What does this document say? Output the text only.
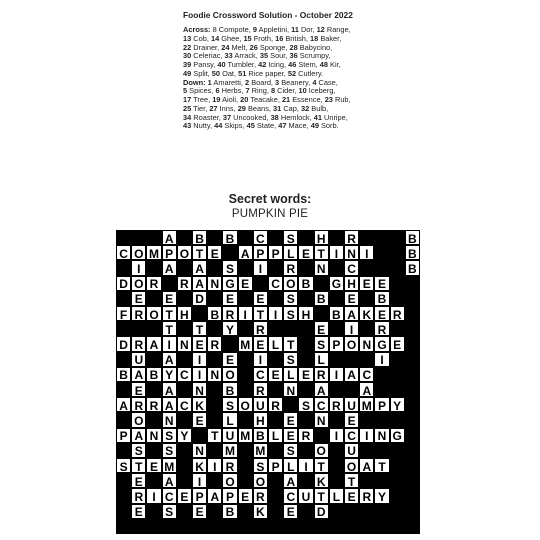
Foodie Crossword Solution - October 2022
Across: 8 Compote, 9 Appletini, 11 Dor, 12 Range,
13 Cob, 14 Ghee, 15 Froth, 16 British, 18 Baker,
22 Drainer, 24 Melt, 26 Sponge, 28 Babycino,
30 Celeriac, 33 Arrack, 35 Sour, 36 Scrumpy,
39 Pansy, 40 Tumbler, 42 Icing, 46 Stem, 48 Kir,
49 Split, 50 Oat, 51 Rice paper, 52 Cutlery.
Down: 1 Amaretti, 2 Board, 3 Beanery, 4 Case,
5 Spices, 6 Herbs, 7 Ring, 8 Cider, 10 Iceberg,
17 Tree, 19 Aioli, 20 Teacake, 21 Essence, 23 Rub,
25 Tier, 27 Inns, 29 Beans, 31 Cap, 32 Bulb,
34 Roaster, 37 Uncooked, 38 Hemlock, 41 Unripe,
43 Nutty, 44 Skips, 45 State, 47 Mace, 49 Sorb.
Secret words:
PUMPKIN PIE
A B B C S H R	B
C O M P O T E A P P L E T I N I	B
I	A A S	I	R N C	B
D O R R A N G E C O B G H E E
E E D E E S B E B
F R O T H B R I T I S H B A K E R
T T Y R	E	I	R
D R A I N E R M E L T S P O N G E
U A	I	E	I	S L	I
B A B Y C I N O C E L E R I A C
E A N B R N A	A
A R R A C K S O U R S C R U M P Y
O N E L H E N E
P A N S Y T U M B L E R	I C I N G
S S N M M S O U
S T E M K I R S P L I T O A T
E A	I	O O A K T
R I C E P A P E R C U T L E R Y
E S E B K E D
